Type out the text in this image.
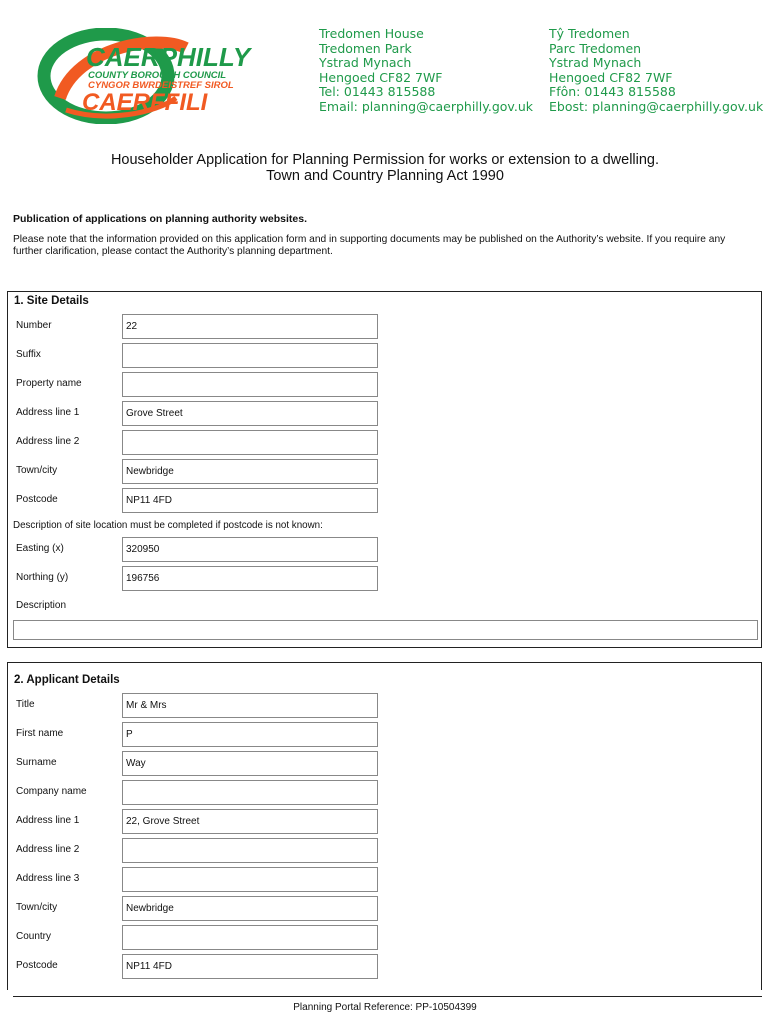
CAERPHILLY
COUNTY BOROUGH COUNCIL
CYNGOR BWRDEISTREF SIROL
CAERFFILI
Tredomen House
Tredomen Park
Ystrad Mynach
Hengoed CF82 7WF
Tel: 01443 815588
Email: planning@caerphilly.gov.uk
Tŷ Tredomen
Parc Tredomen
Ystrad Mynach
Hengoed CF82 7WF
Ffôn: 01443 815588
Ebost: planning@caerphilly.gov.uk
Householder Application for Planning Permission for works or extension to a dwelling.
Town and Country Planning Act 1990
Publication of applications on planning authority websites.
Please note that the information provided on this application form and in supporting documents may be published on the Authority’s website. If you require any further clarification, please contact the Authority’s planning department.
1. Site Details
Number	22
Suffix
Property name
Address line 1	Grove Street
Address line 2
Town/city	Newbridge
Postcode	NP11 4FD
Description of site location must be completed if postcode is not known:
Easting (x)	320950
Northing (y)	196756
Description
2. Applicant Details
Title	Mr & Mrs
First name	P
Surname	Way
Company name
Address line 1	22, Grove Street
Address line 2
Address line 3
Town/city	Newbridge
Country
Postcode	NP11 4FD
Planning Portal Reference: PP-10504399
